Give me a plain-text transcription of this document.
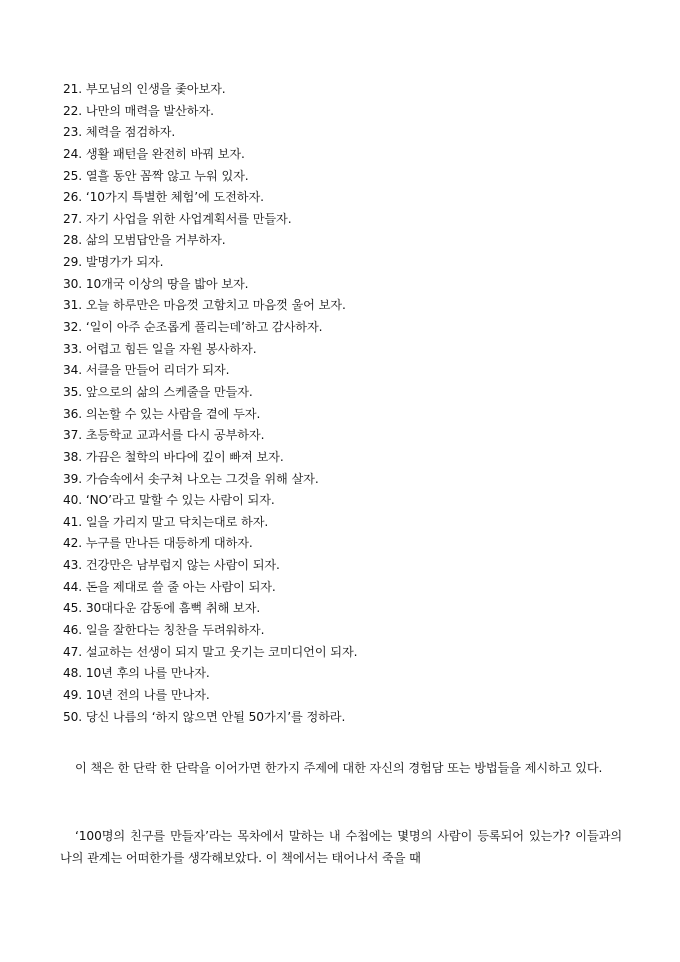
21. 부모님의 인생을 좇아보자.
22. 나만의 매력을 발산하자.
23. 체력을 점검하자.
24. 생활 패턴을 완전히 바꿔 보자.
25. 열흘 동안 꼼짝 않고 누워 있자.
26. ‘10가지 특별한 체험’에 도전하자.
27. 자기 사업을 위한 사업계획서를 만들자.
28. 삶의 모범답안을 거부하자.
29. 발명가가 되자.
30. 10개국 이상의 땅을 밟아 보자.
31. 오늘 하루만은 마음껏 고함치고 마음껏 울어 보자.
32. ‘일이 아주 순조롭게 풀리는데’하고 감사하자.
33. 어렵고 힘든 일을 자원 봉사하자.
34. 서클을 만들어 리더가 되자.
35. 앞으로의 삶의 스케줄을 만들자.
36. 의논할 수 있는 사람을 곁에 두자.
37. 초등학교 교과서를 다시 공부하자.
38. 가끔은 철학의 바다에 깊이 빠져 보자.
39. 가슴속에서 솟구쳐 나오는 그것을 위해 살자.
40. ‘NO’라고 말할 수 있는 사람이 되자.
41. 일을 가리지 말고 닥치는대로 하자.
42. 누구를 만나든 대등하게 대하자.
43. 건강만은 남부럽지 않는 사람이 되자.
44. 돈을 제대로 쓸 줄 아는 사람이 되자.
45. 30대다운 감동에 흠뻑 취해 보자.
46. 일을 잘한다는 칭찬을 두려워하자.
47. 설교하는 선생이 되지 말고 웃기는 코미디언이 되자.
48. 10년 후의 나를 만나자.
49. 10년 전의 나를 만나자.
50. 당신 나름의 ‘하지 않으면 안될 50가지’를 정하라.

이 책은 한 단락 한 단락을 이어가면 한가지 주제에 대한 자신의 경험담 또는 방법들을 제시하고 있다.

‘100명의 친구를 만들자’라는 목차에서 말하는 내 수첩에는 몇명의 사람이 등록되어 있는가? 이들과의 나의 관계는 어떠한가를 생각해보았다. 이 책에서는 태어나서 죽을 때
